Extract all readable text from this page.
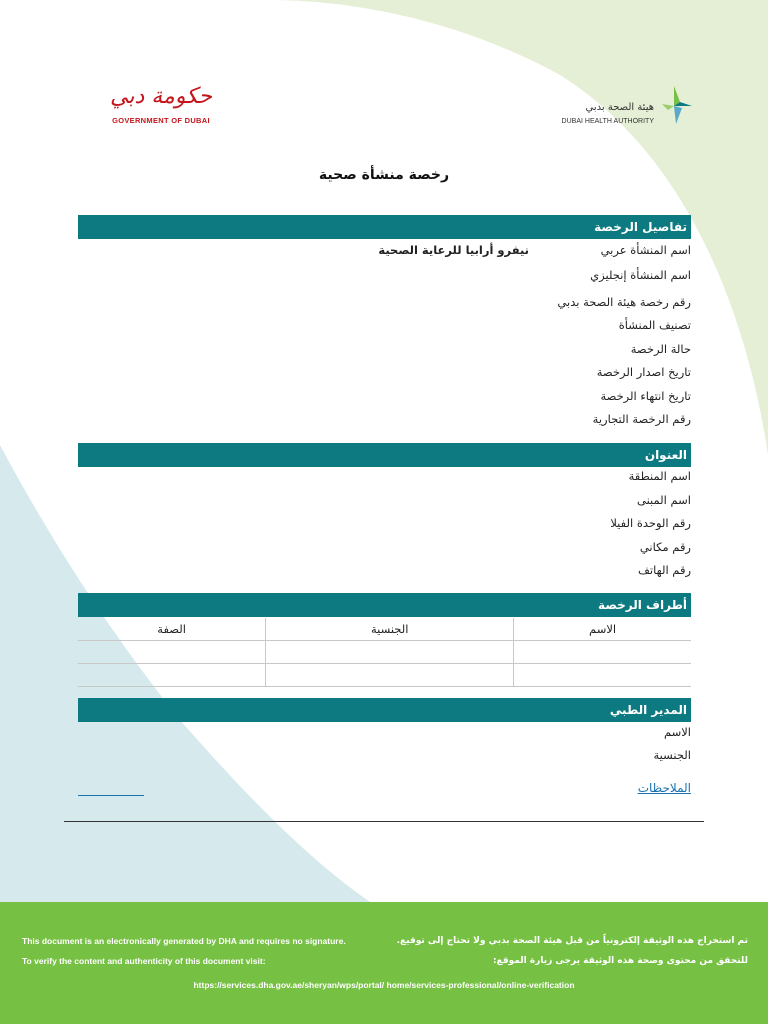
حكومة دبي
GOVERNMENT OF DUBAI
هيئة الصحة بدبي
DUBAI HEALTH AUTHORITY
رخصة منشأة صحية
تفاصيل الرخصة
اسم المنشأة عربي
نيفرو أرابيا للرعاية الصحية
اسم المنشأة إنجليزي
رقم رخصة هيئة الصحة بدبي
تصنيف المنشأة
حالة الرخصة
تاريخ اصدار الرخصة
تاريخ انتهاء الرخصة
رقم الرخصة التجارية
العنوان
اسم المنطقة
اسم المبنى
رقم الوحدة الفيلا
رقم مكاني
رقم الهاتف
أطراف الرخصة
الاسم	الجنسية	الصفة

المدير الطبي
الاسم
الجنسية
الملاحظات
This document is an electronically generated by DHA and requires no signature.
To verify the content and authenticity of this document visit:
تم استخراج هذه الوثيقة إلكترونياً من قبل هيئة الصحة بدبي ولا تحتاج إلى توقيع.
للتحقق من محتوى وصحة هذه الوثيقة يرجى زيارة الموقع:
https://services.dha.gov.ae/sheryan/wps/portal/ home/services-professional/online-verification
